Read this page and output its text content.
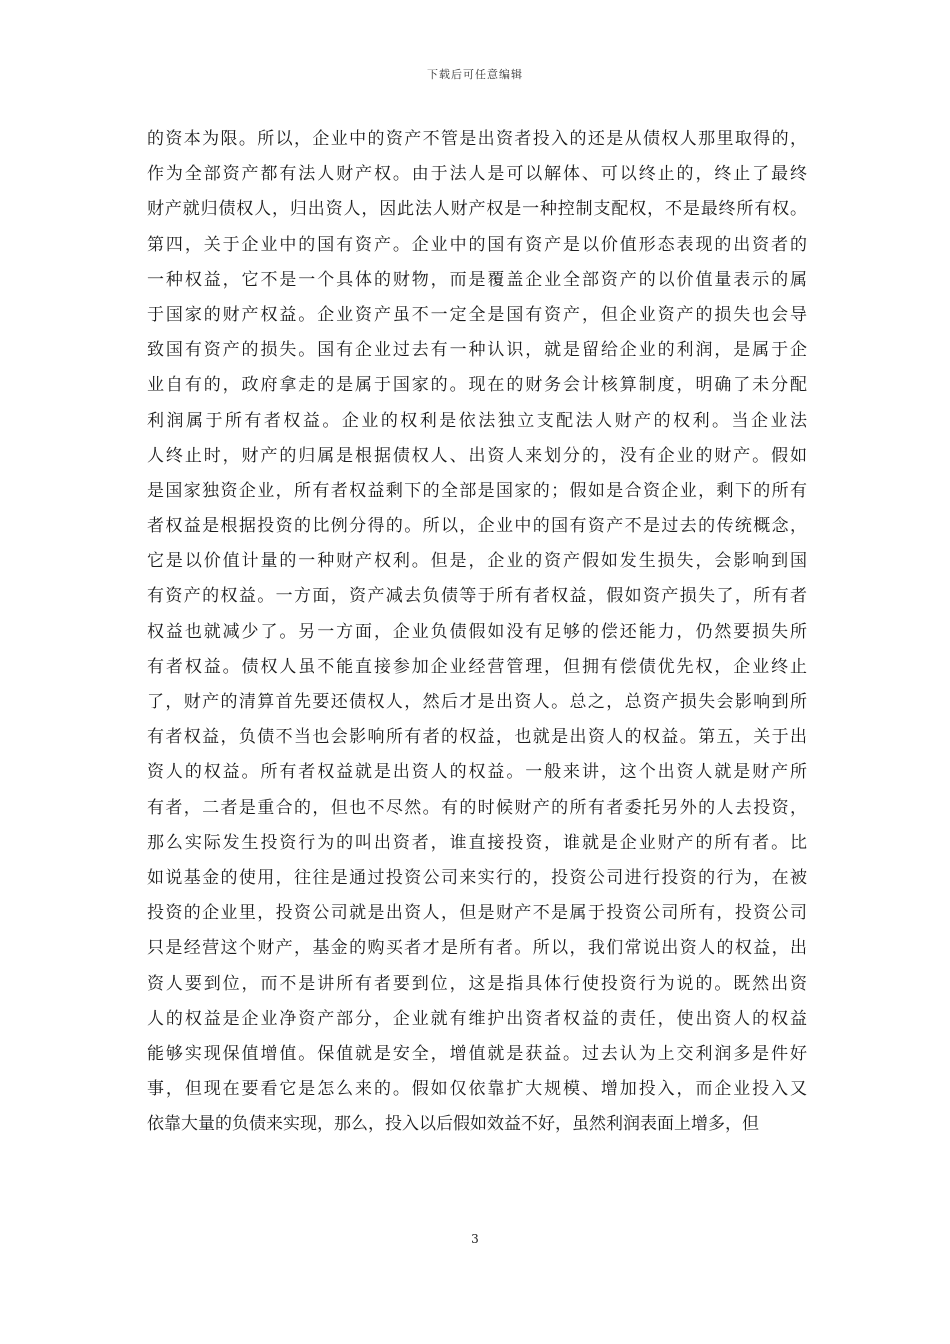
下载后可任意编辑
的资本为限。所以，企业中的资产不管是出资者投入的还是从债权人那里取得的，
作为全部资产都有法人财产权。由于法人是可以解体、可以终止的，终止了最终
财产就归债权人，归出资人，因此法人财产权是一种控制支配权，不是最终所有权。
第四，关于企业中的国有资产。企业中的国有资产是以价值形态表现的出资者的
一种权益，它不是一个具体的财物，而是覆盖企业全部资产的以价值量表示的属
于国家的财产权益。企业资产虽不一定全是国有资产，但企业资产的损失也会导
致国有资产的损失。国有企业过去有一种认识，就是留给企业的利润，是属于企
业自有的，政府拿走的是属于国家的。现在的财务会计核算制度，明确了未分配
利润属于所有者权益。企业的权利是依法独立支配法人财产的权利。当企业法
人终止时，财产的归属是根据债权人、出资人来划分的，没有企业的财产。假如
是国家独资企业，所有者权益剩下的全部是国家的；假如是合资企业，剩下的所有
者权益是根据投资的比例分得的。所以，企业中的国有资产不是过去的传统概念，
它是以价值计量的一种财产权利。但是，企业的资产假如发生损失，会影响到国
有资产的权益。一方面，资产减去负债等于所有者权益，假如资产损失了，所有者
权益也就减少了。另一方面，企业负债假如没有足够的偿还能力，仍然要损失所
有者权益。债权人虽不能直接参加企业经营管理，但拥有偿债优先权，企业终止
了，财产的清算首先要还债权人，然后才是出资人。总之，总资产损失会影响到所
有者权益，负债不当也会影响所有者的权益，也就是出资人的权益。第五，关于出
资人的权益。所有者权益就是出资人的权益。一般来讲，这个出资人就是财产所
有者，二者是重合的，但也不尽然。有的时候财产的所有者委托另外的人去投资，
那么实际发生投资行为的叫出资者，谁直接投资，谁就是企业财产的所有者。比
如说基金的使用，往往是通过投资公司来实行的，投资公司进行投资的行为，在被
投资的企业里，投资公司就是出资人，但是财产不是属于投资公司所有，投资公司
只是经营这个财产，基金的购买者才是所有者。所以，我们常说出资人的权益，出
资人要到位，而不是讲所有者要到位，这是指具体行使投资行为说的。既然出资
人的权益是企业净资产部分，企业就有维护出资者权益的责任，使出资人的权益
能够实现保值增值。保值就是安全，增值就是获益。过去认为上交利润多是件好
事，但现在要看它是怎么来的。假如仅依靠扩大规模、增加投入，而企业投入又
依靠大量的负债来实现，那么，投入以后假如效益不好，虽然利润表面上增多，但
3
